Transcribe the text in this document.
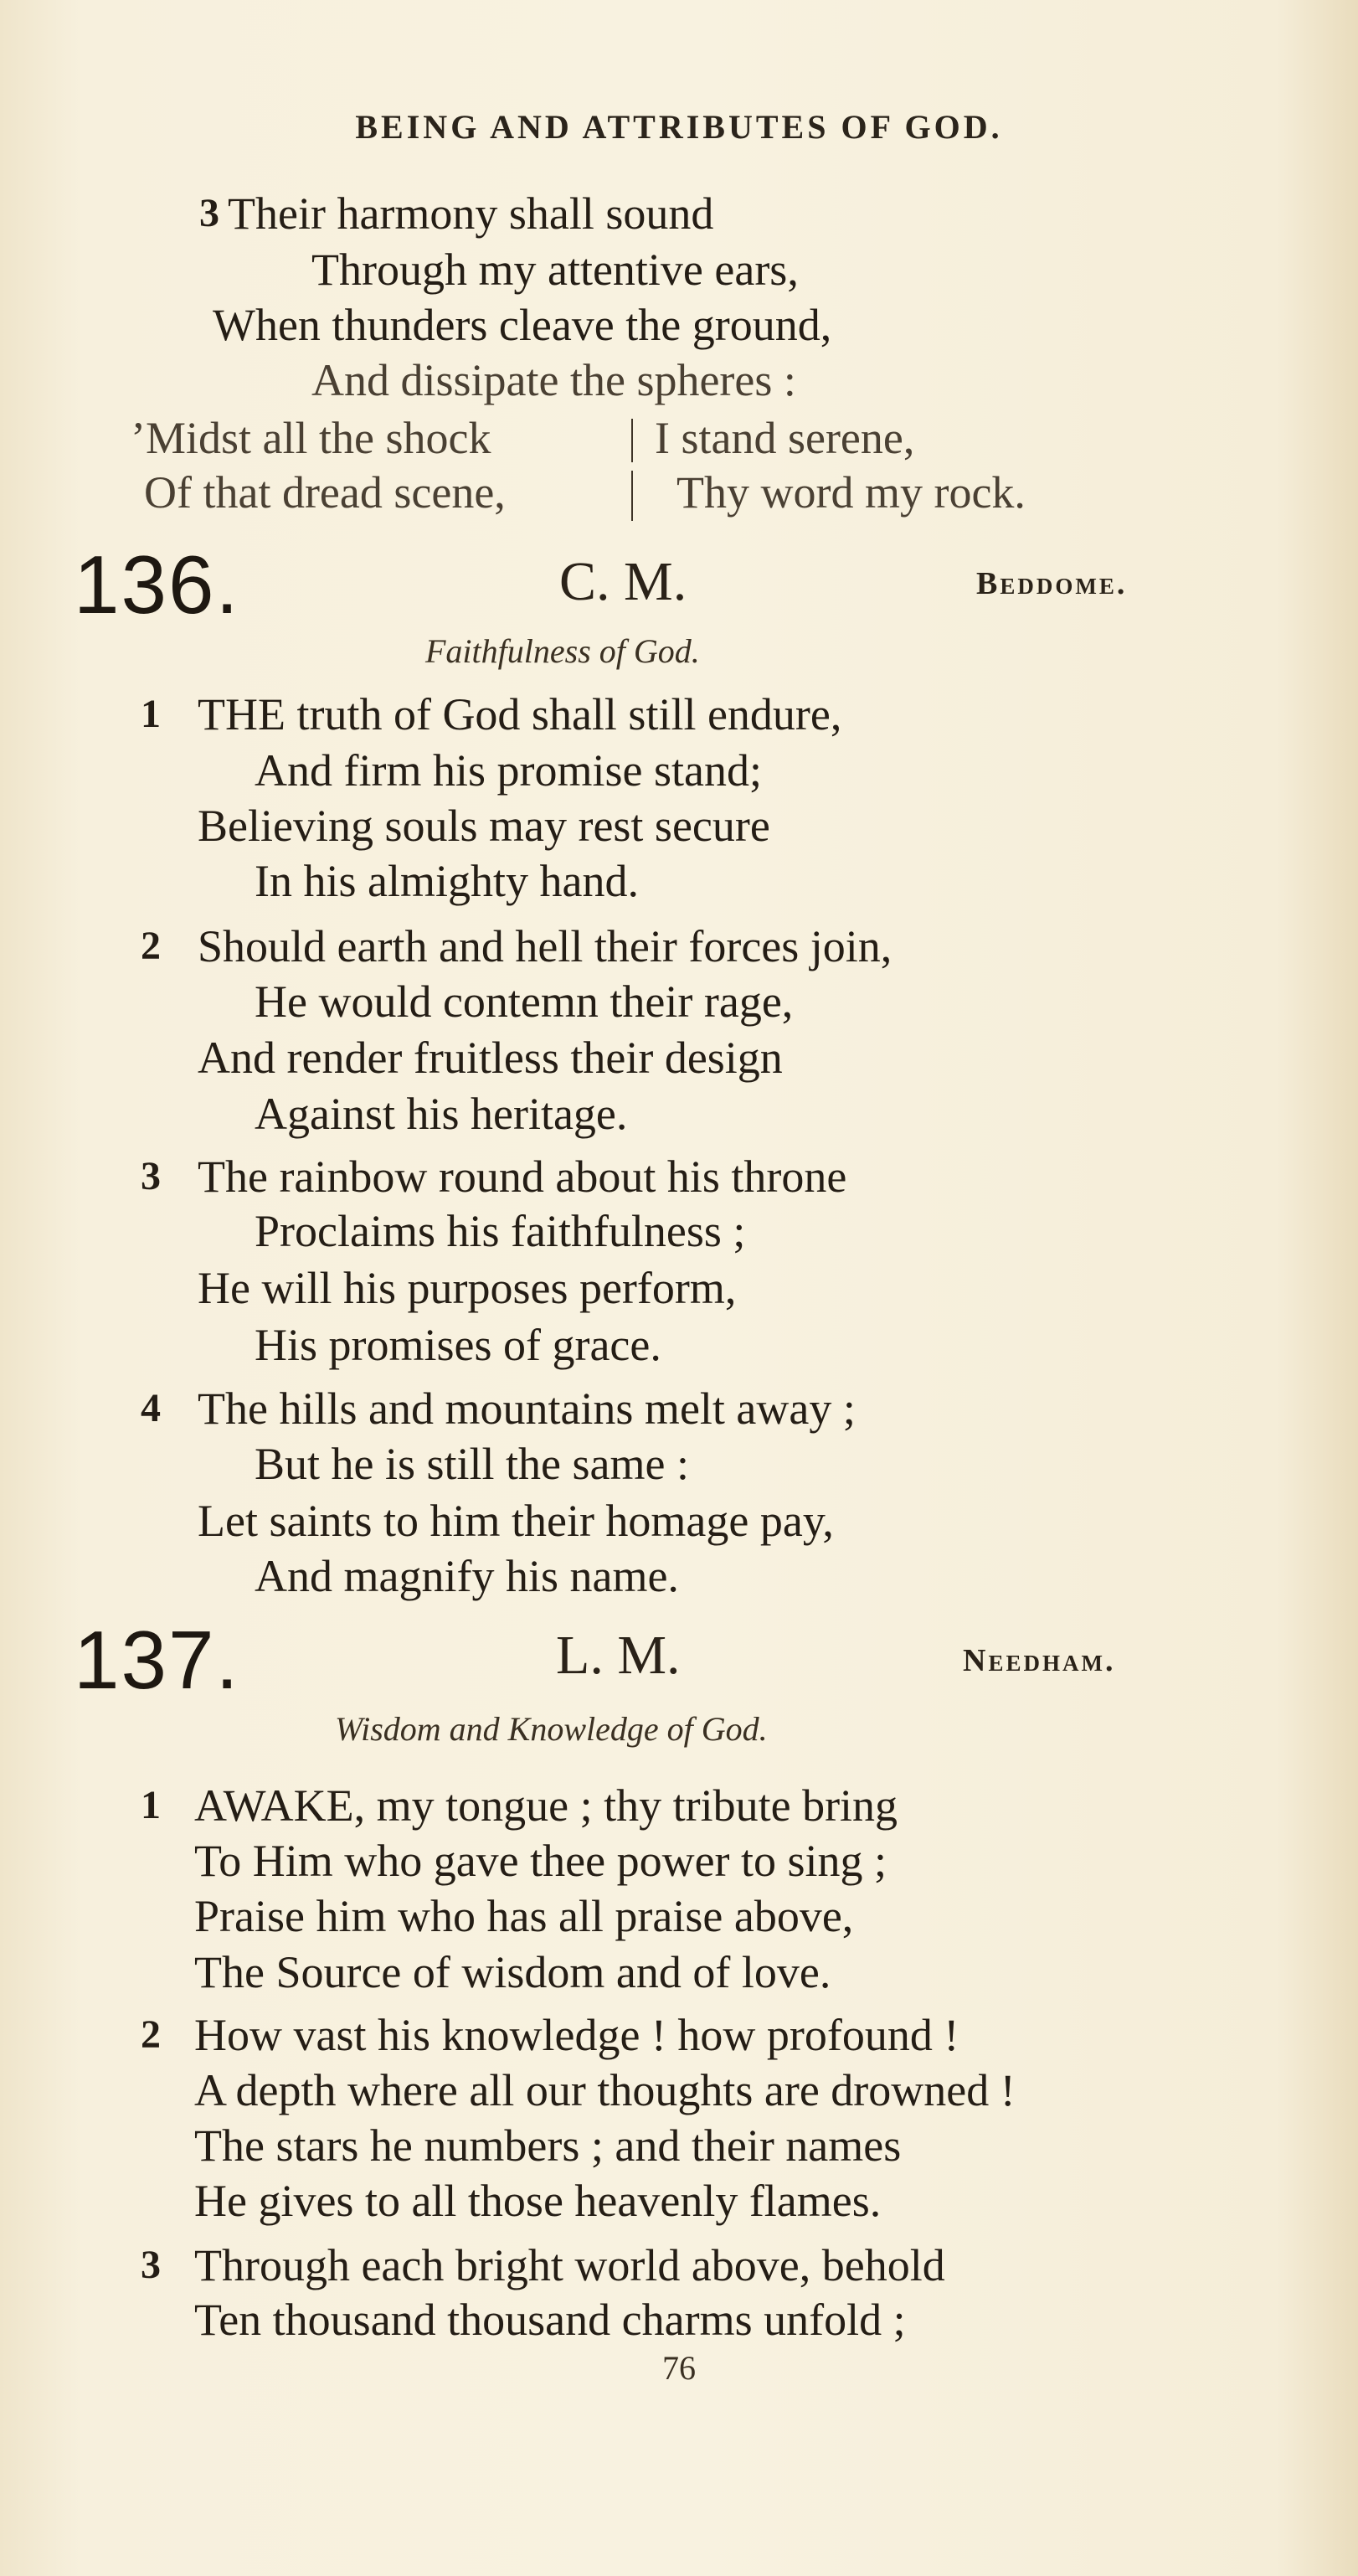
BEING AND ATTRIBUTES OF GOD.
3 Their harmony shall sound
Through my attentive ears,
When thunders cleave the ground,
And dissipate the spheres :
’Midst all the shock	I stand serene,
Of that dread scene,	Thy word my rock.
136.	C. M.	Beddome.
Faithfulness of God.
1 THE truth of God shall still endure,
And firm his promise stand;
Believing souls may rest secure
In his almighty hand.
2 Should earth and hell their forces join,
He would contemn their rage,
And render fruitless their design
Against his heritage.
3 The rainbow round about his throne
Proclaims his faithfulness ;
He will his purposes perform,
His promises of grace.
4 The hills and mountains melt away ;
But he is still the same :
Let saints to him their homage pay,
And magnify his name.
137.	L. M.	Needham.
Wisdom and Knowledge of God.
1 AWAKE, my tongue ; thy tribute bring
To Him who gave thee power to sing ;
Praise him who has all praise above,
The Source of wisdom and of love.
2 How vast his knowledge ! how profound !
A depth where all our thoughts are drowned !
The stars he numbers ; and their names
He gives to all those heavenly flames.
3 Through each bright world above, behold
Ten thousand thousand charms unfold ;
76
